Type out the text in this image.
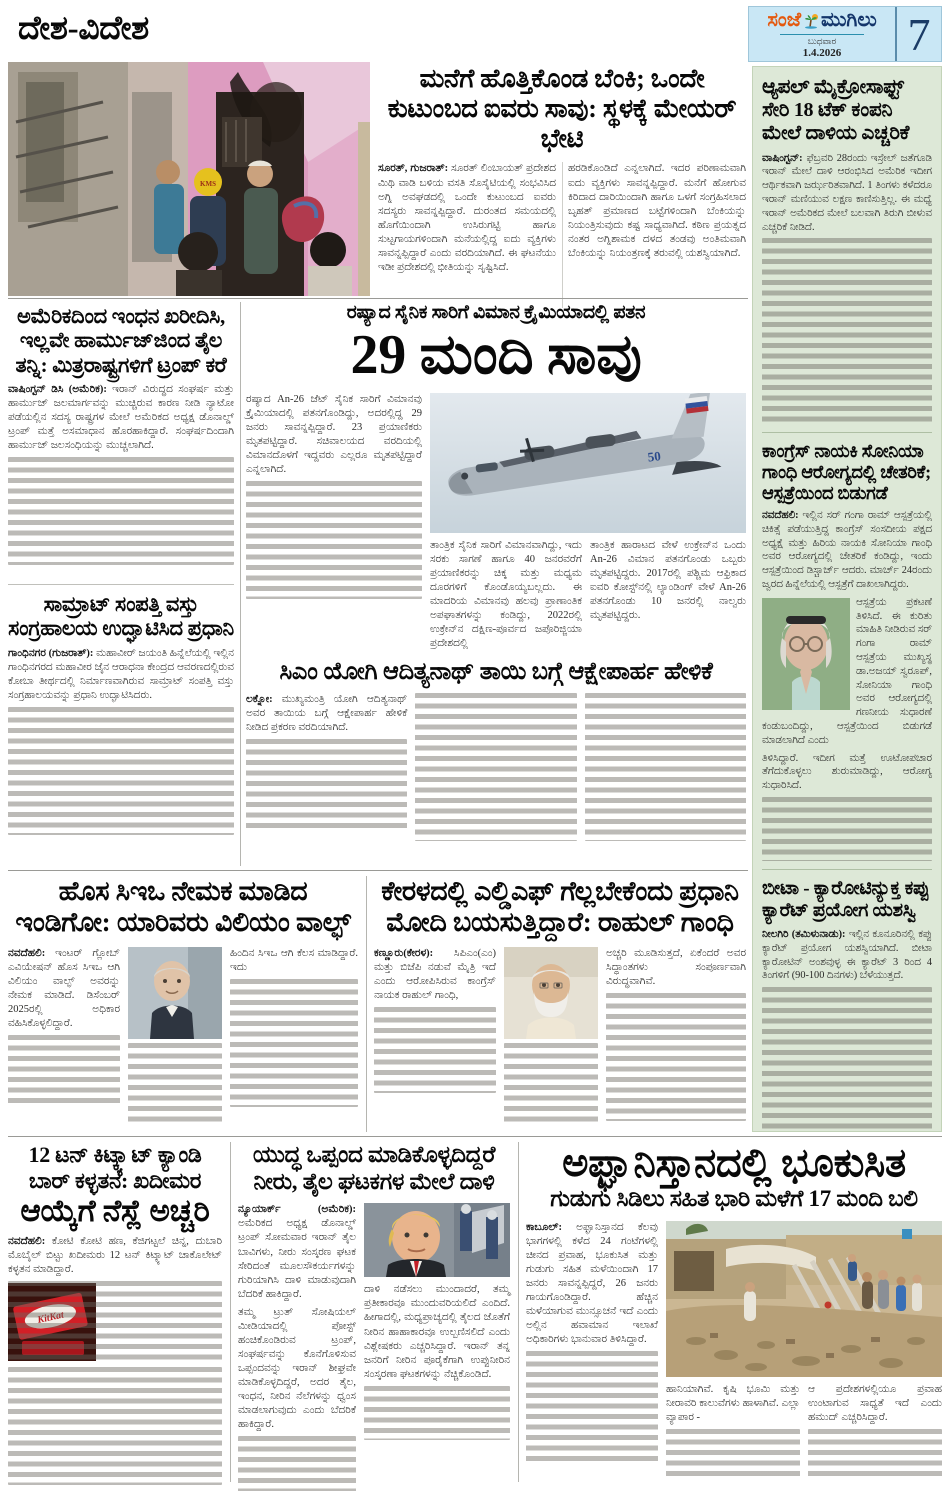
ದೇಶ-ವಿದೇಶ	ಸಂಜೆ ಮುಗಿಲು
ಬುಧವಾರ
1.4.2026 7
KMS
ಮನೆಗೆ ಹೊತ್ತಿಕೊಂಡ ಬೆಂಕಿ; ಒಂದೇ ಕುಟುಂಬದ ಐವರು ಸಾವು: ಸ್ಥಳಕ್ಕೆ ಮೇಯರ್ ಭೇಟಿ

ಸೂರತ್, ಗುಜರಾತ್: ಸೂರತ್ ಲಿಂಬಾಯತ್ ಪ್ರದೇಶದ ಮಿಥಿ ವಾಡಿ ಬಳಿಯ ವಸತಿ ಸೊಸೈಟಿಯಲ್ಲಿ ಸಂಭವಿಸಿದ ಅಗ್ನಿ ಅವಘಡದಲ್ಲಿ ಒಂದೇ ಕುಟುಂಬದ ಐವರು ಸದಸ್ಯರು ಸಾವನ್ನಪ್ಪಿದ್ದಾರೆ. ದುರಂತದ ಸಮಯದಲ್ಲಿ ಹೊಗೆಯಿಂದಾಗಿ ಉಸಿರುಗಟ್ಟಿ ಹಾಗೂ ಸುಟ್ಟಗಾಯಗಳಿಂದಾಗಿ ಮನೆಯಲ್ಲಿದ್ದ ಐದು ವ್ಯಕ್ತಿಗಳು ಸಾವನ್ನಪ್ಪಿದ್ದಾರೆ ಎಂದು ವರದಿಯಾಗಿದೆ. ಈ ಘಟನೆಯು ಇಡೀ ಪ್ರದೇಶದಲ್ಲಿ ಭೀತಿಯನ್ನು ಸೃಷ್ಟಿಸಿದೆ.

ಹರಡಿಕೊಂಡಿದೆ ಎನ್ನಲಾಗಿದೆ. ಇದರ ಪರಿಣಾಮವಾಗಿ ಐದು ವ್ಯಕ್ತಿಗಳು ಸಾವನ್ನಪ್ಪಿದ್ದಾರೆ. ಮನೆಗೆ ಹೋಗುವ ಕಿರಿದಾದ ದಾರಿಯಿಂದಾಗಿ ಹಾಗೂ ಒಳಗೆ ಸಂಗ್ರಹಿಸಲಾದ ಬೃಹತ್ ಪ್ರಮಾಣದ ಬಟ್ಟೆಗಳಿಂದಾಗಿ ಬೆಂಕಿಯನ್ನು ನಿಯಂತ್ರಿಸುವುದು ಕಷ್ಟ ಸಾಧ್ಯವಾಗಿದೆ. ಕಠಿಣ ಪ್ರಯತ್ನದ ನಂತರ ಅಗ್ನಿಶಾಮಕ ದಳದ ತಂಡವು ಅಂತಿಮವಾಗಿ ಬೆಂಕಿಯನ್ನು ನಿಯಂತ್ರಣಕ್ಕೆ ತರುವಲ್ಲಿ ಯಶಸ್ವಿಯಾಗಿದೆ.

ಆ್ಯಪಲ್ ಮೈಕ್ರೋಸಾಫ್ಟ್ ಸೇರಿ 18 ಟೆಕ್ ಕಂಪನಿ ಮೇಲೆ ದಾಳಿಯ ಎಚ್ಚರಿಕೆ

ವಾಷಿಂಗ್ಟನ್: ಫೆಬ್ರವರಿ 28ರಂದು ಇಸ್ರೇಲ್ ಜತೆಗೂಡಿ ಇರಾನ್ ಮೇಲೆ ದಾಳಿ ಆರಂಭಿಸಿದ ಅಮೆರಿಕ ಇದೀಗ ಆರ್ಥಿಕವಾಗಿ ಜರ್ಝರಿತವಾಗಿದೆ. 1 ತಿಂಗಳು ಕಳೆದರೂ ಇರಾನ್ ಮಣಿಯುವ ಲಕ್ಷಣ ಕಾಣಿಸುತ್ತಿಲ್ಲ. ಈ ಮಧ್ಯೆ ಇರಾನ್ ಅಮೆರಿಕದ ಮೇಲೆ ಬಲವಾಗಿ ತಿರುಗಿ ಬೀಳುವ ಎಚ್ಚರಿಕೆ ನೀಡಿದೆ.

ಕಾಂಗ್ರೆಸ್ ನಾಯಕಿ ಸೋನಿಯಾ ಗಾಂಧಿ ಆರೋಗ್ಯದಲ್ಲಿ ಚೇತರಿಕೆ; ಆಸ್ಪತ್ರೆಯಿಂದ ಬಿಡುಗಡೆ

ನವದೆಹಲಿ: ಇಲ್ಲಿನ ಸರ್ ಗಂಗಾ ರಾಮ್ ಆಸ್ಪತ್ರೆಯಲ್ಲಿ ಚಿಕಿತ್ಸೆ ಪಡೆಯುತ್ತಿದ್ದ ಕಾಂಗ್ರೆಸ್ ಸಂಸದೀಯ ಪಕ್ಷದ ಅಧ್ಯಕ್ಷೆ ಮತ್ತು ಹಿರಿಯ ನಾಯಕಿ ಸೋನಿಯಾ ಗಾಂಧಿ ಅವರ ಆರೋಗ್ಯದಲ್ಲಿ ಚೇತರಿಕೆ ಕಂಡಿದ್ದು, ಇಂದು ಆಸ್ಪತ್ರೆಯಿಂದ ಡಿಸ್ಚಾರ್ಜ್ ಆದರು. ಮಾರ್ಚ್ 24ರಂದು ಜ್ವರದ ಹಿನ್ನೆಲೆಯಲ್ಲಿ ಆಸ್ಪತ್ರೆಗೆ ದಾಖಲಾಗಿದ್ದರು.

ಆಸ್ಪತ್ರೆಯ ಪ್ರಕಟಣೆ ತಿಳಿಸಿದೆ. ಈ ಕುರಿತು ಮಾಹಿತಿ ನೀಡಿರುವ ಸರ್ ಗಂಗಾ ರಾಮ್ ಆಸ್ಪತ್ರೆಯ ಮುಖ್ಯಸ್ಥ ಡಾ.ಅಜಯ್ ಸ್ವರೂಪ್, ಸೋನಿಯಾ ಗಾಂಧಿ ಅವರ ಆರೋಗ್ಯದಲ್ಲಿ ಗಣನೀಯ ಸುಧಾರಣೆ ಕಂಡುಬಂದಿದ್ದು, ಆಸ್ಪತ್ರೆಯಿಂದ ಬಿಡುಗಡೆ ಮಾಡಲಾಗಿದೆ ಎಂದು

ತಿಳಿಸಿದ್ದಾರೆ. ಇದೀಗ ಮತ್ತೆ ಊಟೋಪಚಾರ ತೆಗೆದುಕೊಳ್ಳಲು ಶುರುಮಾಡಿದ್ದು, ಆರೋಗ್ಯ ಸುಧಾರಿಸಿದೆ.

ಬೀಟಾ - ಕ್ಯಾರೋಟಿನ್ಯುಕ್ತ ಕಪ್ಪು ಕ್ಯಾರೆಟ್ ಪ್ರಯೋಗ ಯಶಸ್ವಿ

ನೀಲಗಿರಿ (ತಮಿಳುನಾಡು): ಇಲ್ಲಿನ ಕೂನೂರಿನಲ್ಲಿ ಕಪ್ಪು ಕ್ಯಾರೆಟ್ ಪ್ರಯೋಗ ಯಶಸ್ವಿಯಾಗಿದೆ. ಬೀಟಾ ಕ್ಯಾರೋಟಿನ್ ಅಂಶವುಳ್ಳ ಈ ಕ್ಯಾರೆಟ್ 3 ರಿಂದ 4 ತಿಂಗಳಿಗೆ (90-100 ದಿನಗಳು) ಬೆಳೆಯುತ್ತದೆ.

ಅಮೆರಿಕದಿಂದ ಇಂಧನ ಖರೀದಿಸಿ, ಇಲ್ಲವೇ ಹಾರ್ಮುಜ್‌ಜಿಂದ ತೈಲ ತನ್ನಿ: ಮಿತ್ರರಾಷ್ಟ್ರಗಳಿಗೆ ಟ್ರಂಪ್ ಕರೆ

ವಾಷಿಂಗ್ಟನ್ ಡಿಸಿ (ಅಮೆರಿಕ): ಇರಾನ್ ವಿರುದ್ಧದ ಸಂಘರ್ಷ ಮತ್ತು ಹಾರ್ಮುಜ್ ಜಲಮಾರ್ಗವನ್ನು ಮುಚ್ಚಿರುವ ಕಾರಣ ನೀಡಿ ನ್ಯಾಟೋ ಪಡೆಯಲ್ಲಿನ ಸದಸ್ಯ ರಾಷ್ಟ್ರಗಳ ಮೇಲೆ ಅಮೆರಿಕದ ಅಧ್ಯಕ್ಷ ಡೊನಾಲ್ಡ್ ಟ್ರಂಪ್ ಮತ್ತೆ ಅಸಮಾಧಾನ ಹೊರಹಾಕಿದ್ದಾರೆ. ಸಂಘರ್ಷದಿಂದಾಗಿ ಹಾರ್ಮುಜ್ ಜಲಸಂಧಿಯನ್ನು ಮುಚ್ಚಲಾಗಿದೆ.

ಸಾಮ್ರಾಟ್ ಸಂಪತ್ತಿ ವಸ್ತು ಸಂಗ್ರಹಾಲಯ ಉದ್ಘಾಟಿಸಿದ ಪ್ರಧಾನಿ

ಗಾಂಧಿನಗರ (ಗುಜರಾತ್): ಮಹಾವೀರ್ ಜಯಂತಿ ಹಿನ್ನೆಲೆಯಲ್ಲಿ ಇಲ್ಲಿನ ಗಾಂಧಿನಗರದ ಮಹಾವೀರ ಜೈನ ಆರಾಧನಾ ಕೇಂದ್ರದ ಆವರಣದಲ್ಲಿರುವ ಕೋಬಾ ತೀರ್ಥದಲ್ಲಿ ನಿರ್ಮಾಣವಾಗಿರುವ ಸಾಮ್ರಾಟ್ ಸಂಪತ್ತಿ ವಸ್ತು ಸಂಗ್ರಹಾಲಯವನ್ನು ಪ್ರಧಾನಿ ಉದ್ಘಾಟಿಸಿದರು.

ರಷ್ಯಾದ ಸೈನಿಕ ಸಾರಿಗೆ ವಿಮಾನ ಕ್ರೈಮಿಯಾದಲ್ಲಿ ಪತನ
29 ಮಂದಿ ಸಾವು

ರಷ್ಯಾದ An-26 ಜೆಟ್ ಸೈನಿಕ ಸಾರಿಗೆ ವಿಮಾನವು ಕ್ರೈಮಿಯಾದಲ್ಲಿ ಪತನಗೊಂಡಿದ್ದು, ಅದರಲ್ಲಿದ್ದ 29 ಜನರು ಸಾವನ್ನಪ್ಪಿದ್ದಾರೆ. 23 ಪ್ರಯಾಣಿಕರು ಮೃತಪಟ್ಟಿದ್ದಾರೆ. ಸಚಿವಾಲಯದ ವರದಿಯಲ್ಲಿ ವಿಮಾನದೊಳಗೆ ಇದ್ದವರು ಎಲ್ಲರೂ ಮೃತಪಟ್ಟಿದ್ದಾರೆ ಎನ್ನಲಾಗಿದೆ.

50

ತಾಂತ್ರಿಕ ಸೈನಿಕ ಸಾರಿಗೆ ವಿಮಾನವಾಗಿದ್ದು, ಇದು ಸರಕು ಸಾಗಣೆ ಹಾಗೂ 40 ಜನರವರೆಗೆ ಪ್ರಯಾಣಿಕರನ್ನು ಚಿಕ್ಕ ಮತ್ತು ಮಧ್ಯಮ ದೂರಗಳಿಗೆ ಕೊಂಡೊಯ್ಯಬಲ್ಲದು. ಈ ಮಾದರಿಯ ವಿಮಾನವು ಹಲವು ಪ್ರಾಣಾಂತಿಕ ಅಪಘಾತಗಳನ್ನು ಕಂಡಿದ್ದು, 2022ರಲ್ಲಿ ಉಕ್ರೇನ್‌ನ ದಕ್ಷಿಣ-ಪೂರ್ವದ ಜಪೊರಿಜ್ಜಿಯಾ ಪ್ರದೇಶದಲ್ಲಿ

ತಾಂತ್ರಿಕ ಹಾರಾಟದ ವೇಳೆ ಉಕ್ರೇನ್‌ನ ಒಂದು An-26 ವಿಮಾನ ಪತನಗೊಂಡು ಒಬ್ಬರು ಮೃತಪಟ್ಟಿದ್ದರು. 2017ರಲ್ಲಿ ಪಶ್ಚಿಮ ಆಫ್ರಿಕಾದ ಐವರಿ ಕೋಸ್ಟ್‌ನಲ್ಲಿ ಲ್ಯಾಂಡಿಂಗ್ ವೇಳೆ An-26 ಪತನಗೊಂಡು 10 ಜನರಲ್ಲಿ ನಾಲ್ವರು ಮೃತಪಟ್ಟಿದ್ದರು.

ಸಿಎಂ ಯೋಗಿ ಆದಿತ್ಯನಾಥ್ ತಾಯಿ ಬಗ್ಗೆ ಆಕ್ಷೇಪಾರ್ಹ ಹೇಳಿಕೆ

ಲಕ್ನೋ: ಮುಖ್ಯಮಂತ್ರಿ ಯೋಗಿ ಆದಿತ್ಯನಾಥ್ ಅವರ ತಾಯಿಯ ಬಗ್ಗೆ ಆಕ್ಷೇಪಾರ್ಹ ಹೇಳಿಕೆ ನೀಡಿದ ಪ್ರಕರಣ ವರದಿಯಾಗಿದೆ.

ಹೊಸ ಸಿಇಒ ನೇಮಕ ಮಾಡಿದ ಇಂಡಿಗೋ: ಯಾರಿವರು ವಿಲಿಯಂ ವಾಲ್ಫ್

ನವದೆಹಲಿ: ಇಂಟರ್ ಗ್ಲೋಬ್ ಎವಿಯೇಷನ್ ಹೊಸ ಸಿಇಒ ಆಗಿ ವಿಲಿಯಂ ವಾಲ್ಫ್ ಅವರನ್ನು ನೇಮಕ ಮಾಡಿದೆ. ಡಿಸೆಂಬರ್ 2025ರಲ್ಲಿ ಅಧಿಕಾರ ವಹಿಸಿಕೊಳ್ಳಲಿದ್ದಾರೆ.

ಹಿಂದಿನ ಸಿಇಒ ಆಗಿ ಕೆಲಸ ಮಾಡಿದ್ದಾರೆ. ಇದು

ಕೇರಳದಲ್ಲಿ ಎಲ್ಡಿಎಫ್ ಗೆಲ್ಲಬೇಕೆಂದು ಪ್ರಧಾನಿ ಮೋದಿ ಬಯಸುತ್ತಿದ್ದಾರೆ: ರಾಹುಲ್ ಗಾಂಧಿ

ಕಣ್ಣೂರು(ಕೇರಳ): ಸಿಪಿಎಂ(ಎಂ) ಮತ್ತು ಬಿಜೆಪಿ ನಡುವೆ ಮೈತ್ರಿ ಇದೆ ಎಂದು ಆರೋಪಿಸಿರುವ ಕಾಂಗ್ರೆಸ್ ನಾಯಕ ರಾಹುಲ್ ಗಾಂಧಿ,

ಅಚ್ಚರಿ ಮೂಡಿಸುತ್ತದೆ, ಏಕೆಂದರೆ ಅವರ ಸಿದ್ಧಾಂತಗಳು ಸಂಪೂರ್ಣವಾಗಿ ವಿರುದ್ಧವಾಗಿವೆ.

12 ಟನ್ ಕಿಟ್ಕ್ಯಾಟ್ ಕ್ಯಾಂಡಿ ಬಾರ್ ಕಳ್ಳತನ: ಖದೀಮರ
ಆಯ್ಕೆಗೆ ನೆಸ್ಲೆ ಅಚ್ಚರಿ

ನವದೆಹಲಿ: ಕೋಟಿ ಕೋಟಿ ಹಣ, ಕೆಜಿಗಟ್ಟಲೆ ಚಿನ್ನ, ದುಬಾರಿ ಮೊಬೈಲ್ ಬಿಟ್ಟು ಖದೀಮರು 12 ಟನ್ ಕಿಟ್ಕ್ಯಾಟ್ ಚಾಕೊಲೇಟ್ ಕಳ್ಳತನ ಮಾಡಿದ್ದಾರೆ.

KitKat
ಯುದ್ಧ ಒಪ್ಪಂದ ಮಾಡಿಕೊಳ್ಳದಿದ್ದರೆ ನೀರು, ತೈಲ ಘಟಕಗಳ ಮೇಲೆ ದಾಳಿ

ನ್ಯೂಯಾರ್ಕ್ (ಅಮೆರಿಕ): ಅಮೆರಿಕದ ಅಧ್ಯಕ್ಷ ಡೊನಾಲ್ಡ್ ಟ್ರಂಪ್ ಸೋಮವಾರ ಇರಾನ್ ತೈಲ ಬಾವಿಗಳು, ನೀರು ಸಂಸ್ಕರಣ ಘಟಕ ಸೇರಿದಂತೆ ಮೂಲಸೌಕರ್ಯಗಳನ್ನು ಗುರಿಯಾಗಿಸಿ ದಾಳಿ ಮಾಡುವುದಾಗಿ ಬೆದರಿಕೆ ಹಾಕಿದ್ದಾರೆ.

ತಮ್ಮ ಟ್ರುತ್ ಸೋಷಿಯಲ್ ಮೀಡಿಯಾದಲ್ಲಿ ಪೋಸ್ಟ್ ಹಂಚಿಕೊಂಡಿರುವ ಟ್ರಂಪ್, ಸಂಘರ್ಷವನ್ನು ಕೊನೆಗೊಳಿಸುವ ಒಪ್ಪಂದವನ್ನು ಇರಾನ್ ಶೀಘ್ರವೇ ಮಾಡಿಕೊಳ್ಳದಿದ್ದರೆ, ಅದರ ತೈಲ, ಇಂಧನ, ನೀರಿನ ನೆಲೆಗಳನ್ನು ಧ್ವಂಸ ಮಾಡಲಾಗುವುದು ಎಂದು ಬೆದರಿಕೆ ಹಾಕಿದ್ದಾರೆ.

ದಾಳಿ ನಡೆಸಲು ಮುಂದಾದರೆ, ತಮ್ಮ ಪ್ರತೀಕಾರವೂ ಮುಂದುವರಿಯಲಿದೆ ಎಂದಿದೆ. ಹೀಗಾದಲ್ಲಿ, ಮಧ್ಯಪ್ರಾಚ್ಯದಲ್ಲಿ ತೈಲದ ಜೊತೆಗೆ ನೀರಿನ ಹಾಹಾಕಾರವೂ ಉಲ್ಬಣಿಸಲಿದೆ ಎಂದು ವಿಶ್ಲೇಷಕರು ಎಚ್ಚರಿಸಿದ್ದಾರೆ. ಇರಾನ್ ತನ್ನ ಜನರಿಗೆ ನೀರಿನ ಪೂರೈಕೆಗಾಗಿ ಉಪ್ಪುನೀರಿನ ಸಂಸ್ಕರಣಾ ಘಟಕಗಳನ್ನು ನೆಚ್ಚಿಕೊಂಡಿದೆ.

ಅಫ್ಘಾನಿಸ್ತಾನದಲ್ಲಿ ಭೂಕುಸಿತ
ಗುಡುಗು ಸಿಡಿಲು ಸಹಿತ ಭಾರಿ ಮಳೆಗೆ 17 ಮಂದಿ ಬಲಿ

ಕಾಬೂಲ್: ಅಫ್ಘಾನಿಸ್ತಾನದ ಕೆಲವು ಭಾಗಗಳಲ್ಲಿ ಕಳೆದ 24 ಗಂಟೆಗಳಲ್ಲಿ ಚೀನದ ಪ್ರವಾಹ, ಭೂಕುಸಿತ ಮತ್ತು ಗುಡುಗು ಸಹಿತ ಮಳೆಯಿಂದಾಗಿ 17 ಜನರು ಸಾವನ್ನಪ್ಪಿದ್ದರೆ, 26 ಜನರು ಗಾಯಗೊಂಡಿದ್ದಾರೆ. ಹೆಚ್ಚಿನ ಮಳೆಯಾಗುವ ಮುನ್ಸೂಚನೆ ಇದೆ ಎಂದು ಅಲ್ಲಿನ ಹವಾಮಾನ ಇಲಾಖೆ ಅಧಿಕಾರಿಗಳು ಭಾನುವಾರ ತಿಳಿಸಿದ್ದಾರೆ.

ಹಾನಿಯಾಗಿವೆ. ಕೃಷಿ ಭೂಮಿ ಮತ್ತು ನೀರಾವರಿ ಕಾಲುವೆಗಳು ಹಾಳಾಗಿವೆ. ಎಲ್ಲಾ ವ್ಯಾಪಾರ -

ಆ ಪ್ರದೇಶಗಳಲ್ಲಿಯೂ ಪ್ರವಾಹ ಉಂಟಾಗುವ ಸಾಧ್ಯತೆ ಇದೆ ಎಂದು ಹಮುದ್ ಎಚ್ಚರಿಸಿದ್ದಾರೆ.
